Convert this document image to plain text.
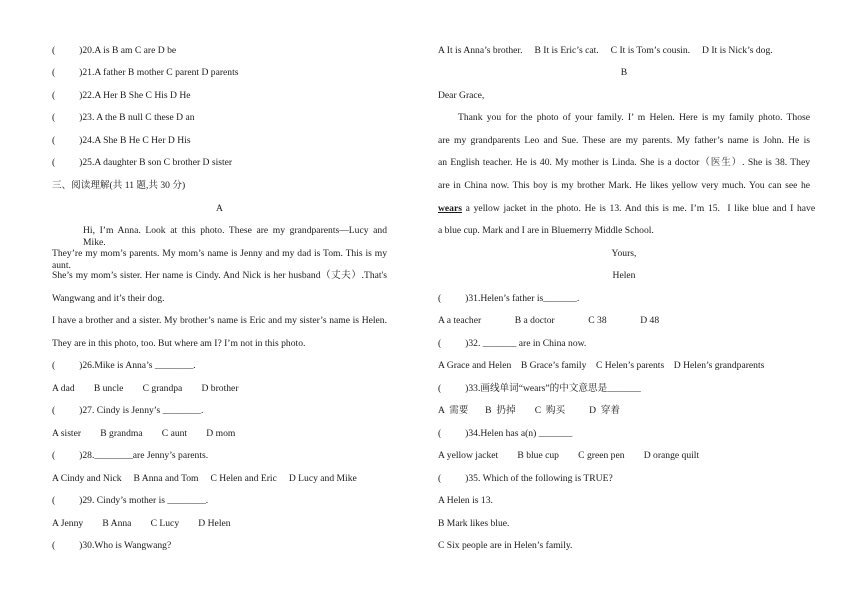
(          )20.A is B am C are D be
(          )21.A father B mother C parent D parents
(          )22.A Her B She C His D He
(          )23. A the B null C these D an
(          )24.A She B He C Her D His
(          )25.A daughter B son C brother D sister
三、阅读理解(共 11 题,共 30 分)
A
Hi, I’m Anna. Look at this photo. These are my grandparents—Lucy and Mike.
They’re my mom’s parents. My mom’s name is Jenny and my dad is Tom. This is my aunt.
She’s my mom’s sister. Her name is Cindy. And Nick is her husband（丈夫）.That's
Wangwang and it’s their dog.
I have a brother and a sister. My brother’s name is Eric and my sister’s name is Helen.
They are in this photo, too. But where am I? I’m not in this photo.
(          )26.Mike is Anna’s ________.
A dad        B uncle        C grandpa        D brother
(          )27. Cindy is Jenny’s ________.
A sister        B grandma        C aunt        D mom
(          )28.________are Jenny’s parents.
A Cindy and Nick     B Anna and Tom     C Helen and Eric     D Lucy and Mike
(          )29. Cindy’s mother is ________.
A Jenny        B Anna        C Lucy        D Helen
(          )30.Who is Wangwang?
A It is Anna’s brother.     B It is Eric’s cat.     C It is Tom’s cousin.     D It is Nick’s dog.
B
Dear Grace,
Thank you for the photo of your family. I’ m Helen. Here is my family photo. Those
are my grandparents Leo and Sue. These are my parents. My father’s name is John. He is
an English teacher. He is 40. My mother is Linda. She is a doctor（医生）. She is 38. They
are in China now. This boy is my brother Mark. He likes yellow very much. You can see he
wears a yellow jacket in the photo. He is 13. And this is me. I’m 15.  I like blue and I have
a blue cup. Mark and I are in Bluemerry Middle School.
Yours,
Helen
(          )31.Helen’s father is_______.
A a teacher              B a doctor              C 38              D 48
(          )32. _______ are in China now.
A Grace and Helen    B Grace’s family    C Helen’s parents    D Helen’s grandparents
(          )33.画线单词“wears”的中文意思是_______
A  需要       B  扔掉        C  购买          D  穿着
(          )34.Helen has a(n) _______
A yellow jacket        B blue cup        C green pen        D orange quilt
(          )35. Which of the following is TRUE?
A Helen is 13.
B Mark likes blue.
C Six people are in Helen’s family.
